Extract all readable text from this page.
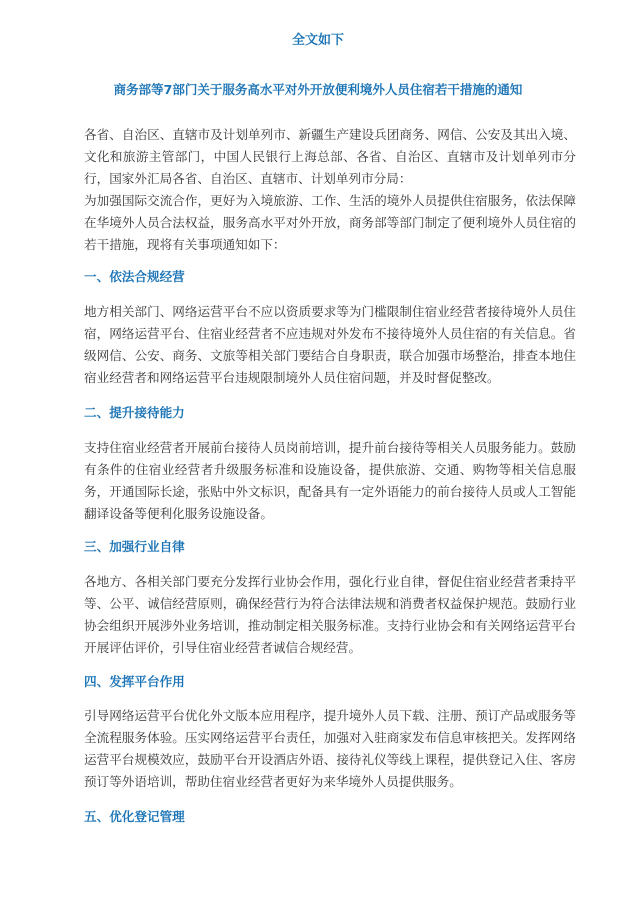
全文如下
商务部等7部门关于服务高水平对外开放便利境外人员住宿若干措施的通知
各省、自治区、直辖市及计划单列市、新疆生产建设兵团商务、网信、公安及其出入境、文化和旅游主管部门，中国人民银行上海总部、各省、自治区、直辖市及计划单列市分行，国家外汇局各省、自治区、直辖市、计划单列市分局：
为加强国际交流合作，更好为入境旅游、工作、生活的境外人员提供住宿服务，依法保障在华境外人员合法权益，服务高水平对外开放，商务部等部门制定了便利境外人员住宿的若干措施，现将有关事项通知如下：
一、依法合规经营
地方相关部门、网络运营平台不应以资质要求等为门槛限制住宿业经营者接待境外人员住宿，网络运营平台、住宿业经营者不应违规对外发布不接待境外人员住宿的有关信息。省级网信、公安、商务、文旅等相关部门要结合自身职责，联合加强市场整治，排查本地住宿业经营者和网络运营平台违规限制境外人员住宿问题，并及时督促整改。
二、提升接待能力
支持住宿业经营者开展前台接待人员岗前培训，提升前台接待等相关人员服务能力。鼓励有条件的住宿业经营者升级服务标准和设施设备，提供旅游、交通、购物等相关信息服务，开通国际长途，张贴中外文标识，配备具有一定外语能力的前台接待人员或人工智能翻译设备等便利化服务设施设备。
三、加强行业自律
各地方、各相关部门要充分发挥行业协会作用，强化行业自律，督促住宿业经营者秉持平等、公平、诚信经营原则，确保经营行为符合法律法规和消费者权益保护规范。鼓励行业协会组织开展涉外业务培训，推动制定相关服务标准。支持行业协会和有关网络运营平台开展评估评价，引导住宿业经营者诚信合规经营。
四、发挥平台作用
引导网络运营平台优化外文版本应用程序，提升境外人员下载、注册、预订产品或服务等全流程服务体验。压实网络运营平台责任，加强对入驻商家发布信息审核把关。发挥网络运营平台规模效应，鼓励平台开设酒店外语、接待礼仪等线上课程，提供登记入住、客房预订等外语培训，帮助住宿业经营者更好为来华境外人员提供服务。
五、优化登记管理
